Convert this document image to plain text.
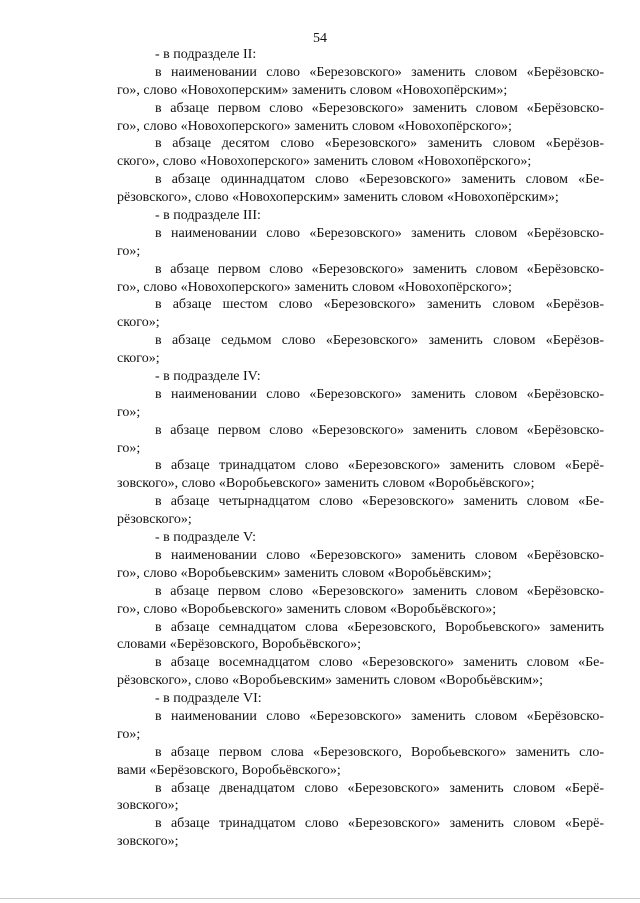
54
- в подразделе II:
в наименовании слово «Березовского» заменить словом «Берёзовско-
го», слово «Новохоперским» заменить словом «Новохопёрским»;
в абзаце первом слово «Березовского» заменить словом «Берёзовско-
го», слово «Новохоперского» заменить словом «Новохопёрского»;
в абзаце десятом слово «Березовского» заменить словом «Берёзов-
ского», слово «Новохоперского» заменить словом «Новохопёрского»;
в абзаце одиннадцатом слово «Березовского» заменить словом «Бе-
рёзовского», слово «Новохоперским» заменить словом «Новохопёрским»;
- в подразделе III:
в наименовании слово «Березовского» заменить словом «Берёзовско-
го»;
в абзаце первом слово «Березовского» заменить словом «Берёзовско-
го», слово «Новохоперского» заменить словом «Новохопёрского»;
в абзаце шестом слово «Березовского» заменить словом «Берёзов-
ского»;
в абзаце седьмом слово «Березовского» заменить словом «Берёзов-
ского»;
- в подразделе IV:
в наименовании слово «Березовского» заменить словом «Берёзовско-
го»;
в абзаце первом слово «Березовского» заменить словом «Берёзовско-
го»;
в абзаце тринадцатом слово «Березовского» заменить словом «Берё-
зовского», слово «Воробьевского» заменить словом «Воробьёвского»;
в абзаце четырнадцатом слово «Березовского» заменить словом «Бе-
рёзовского»;
- в подразделе V:
в наименовании слово «Березовского» заменить словом «Берёзовско-
го», слово «Воробьевским» заменить словом «Воробьёвским»;
в абзаце первом слово «Березовского» заменить словом «Берёзовско-
го», слово «Воробьевского» заменить словом «Воробьёвского»;
в абзаце семнадцатом слова «Березовского, Воробьевского» заменить
словами «Берёзовского, Воробьёвского»;
в абзаце восемнадцатом слово «Березовского» заменить словом «Бе-
рёзовского», слово «Воробьевским» заменить словом «Воробьёвским»;
- в подразделе VI:
в наименовании слово «Березовского» заменить словом «Берёзовско-
го»;
в абзаце первом слова «Березовского, Воробьевского» заменить сло-
вами «Берёзовского, Воробьёвского»;
в абзаце двенадцатом слово «Березовского» заменить словом «Берё-
зовского»;
в абзаце тринадцатом слово «Березовского» заменить словом «Берё-
зовского»;
